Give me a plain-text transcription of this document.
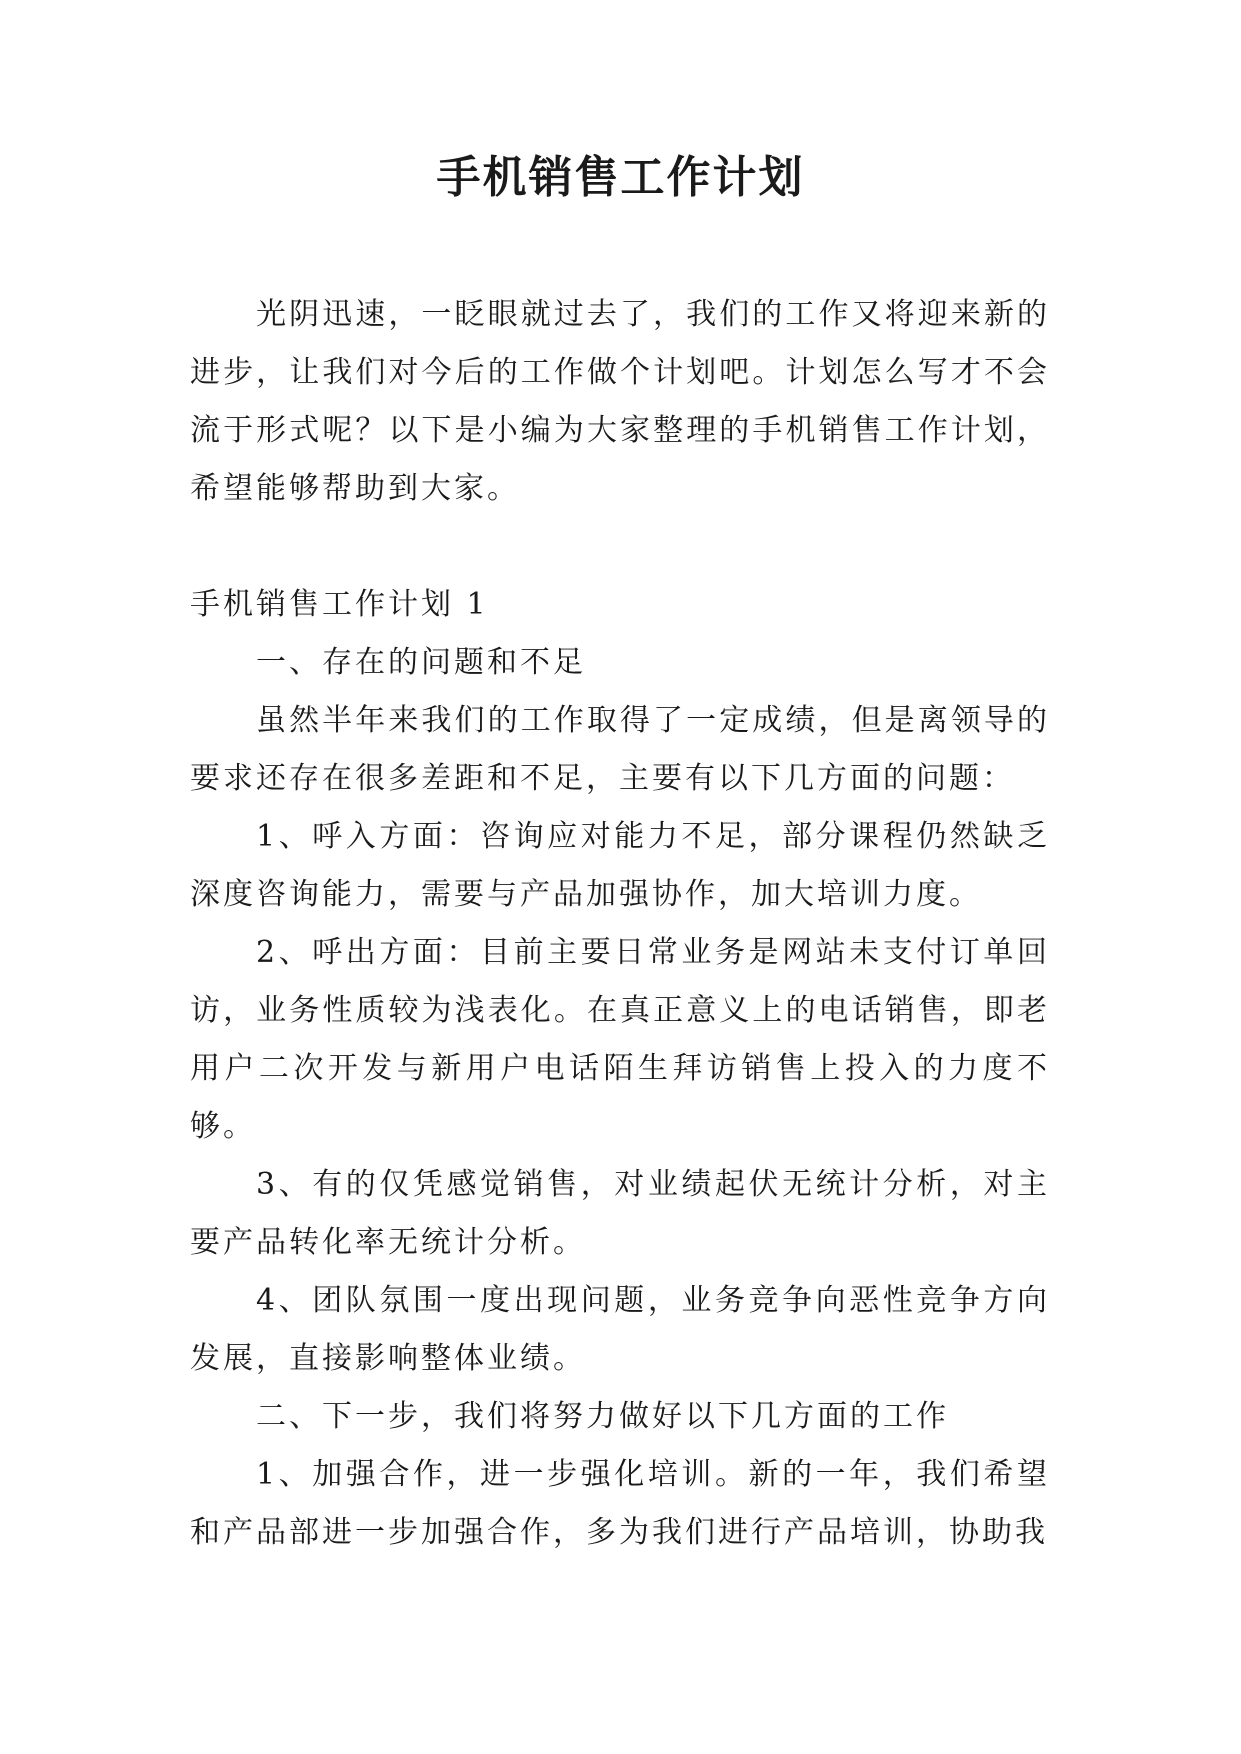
手机销售工作计划

光阴迅速，一眨眼就过去了，我们的工作又将迎来新的进步，让我们对今后的工作做个计划吧。计划怎么写才不会流于形式呢？以下是小编为大家整理的手机销售工作计划，希望能够帮助到大家。

手机销售工作计划 1

一、存在的问题和不足

虽然半年来我们的工作取得了一定成绩，但是离领导的要求还存在很多差距和不足，主要有以下几方面的问题：

1、呼入方面：咨询应对能力不足，部分课程仍然缺乏深度咨询能力，需要与产品加强协作，加大培训力度。

2、呼出方面：目前主要日常业务是网站未支付订单回访，业务性质较为浅表化。在真正意义上的电话销售，即老用户二次开发与新用户电话陌生拜访销售上投入的力度不够。

3、有的仅凭感觉销售，对业绩起伏无统计分析，对主要产品转化率无统计分析。

4、团队氛围一度出现问题，业务竞争向恶性竞争方向发展，直接影响整体业绩。

二、下一步，我们将努力做好以下几方面的工作

1、加强合作，进一步强化培训。新的一年，我们希望和产品部进一步加强合作，多为我们进行产品培训，协助我
